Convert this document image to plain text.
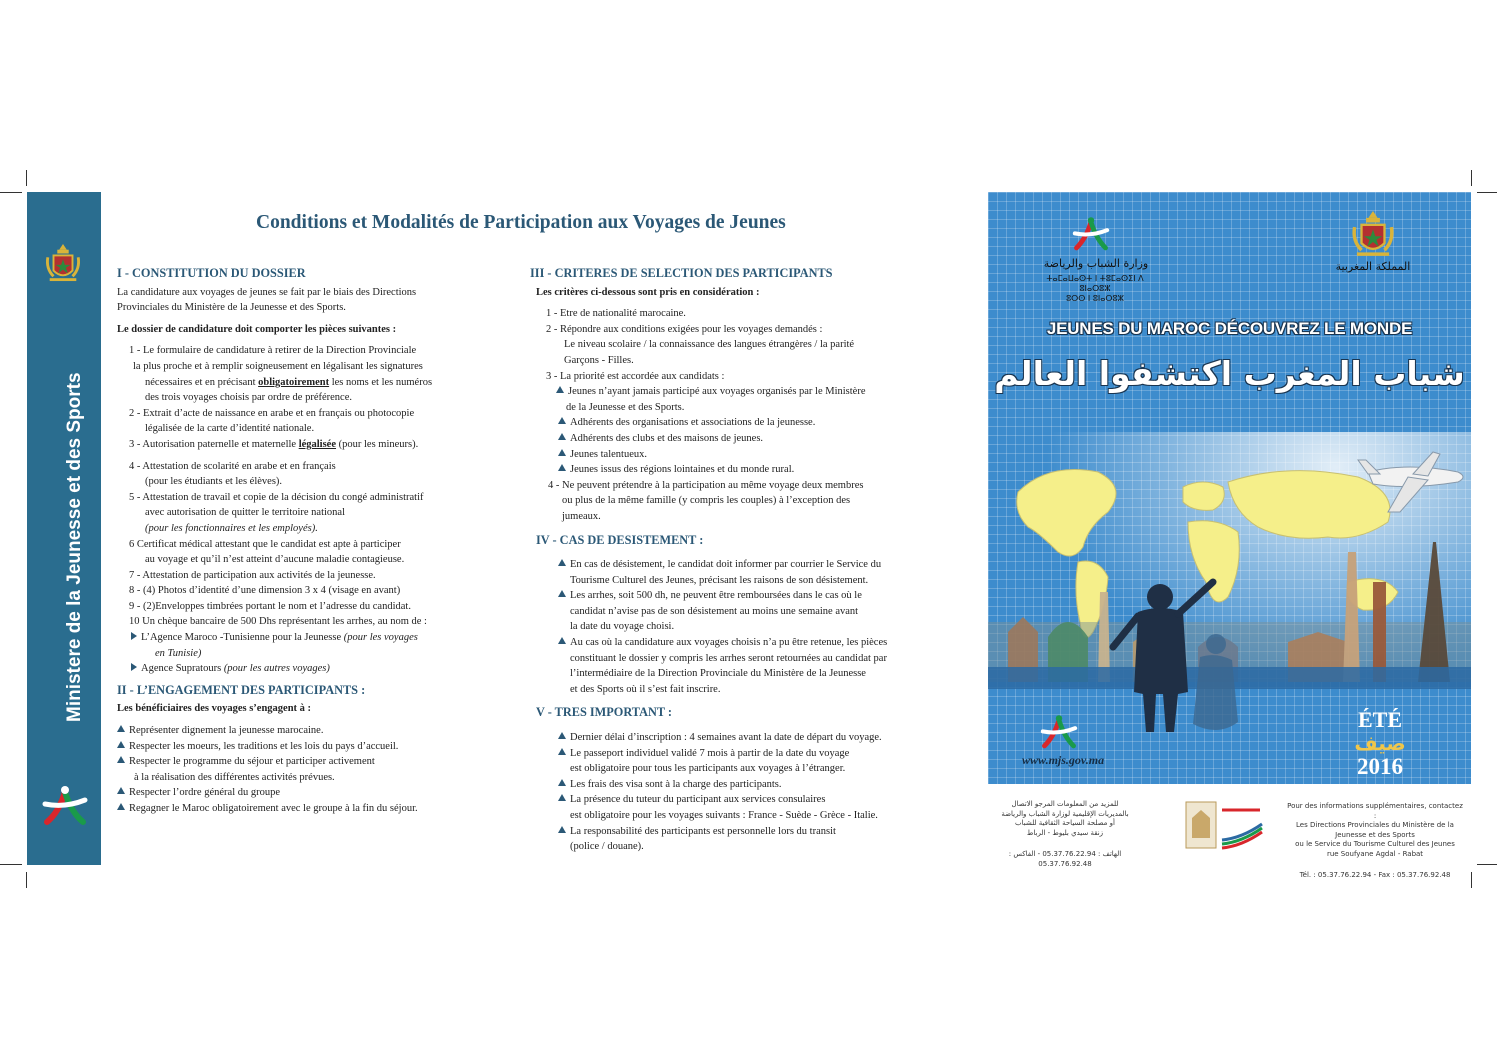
Ministere de la Jeunesse et des Sports
Conditions et Modalités de Participation aux Voyages de Jeunes
I - CONSTITUTION DU DOSSIER

La candidature aux voyages de jeunes se fait par le biais des Directions

Provinciales du Ministère de la Jeunesse et des Sports.

Le dossier de candidature doit comporter les pièces suivantes :

1 - Le formulaire de candidature à retirer de la Direction Provinciale

la plus proche et à remplir soigneusement en légalisant les signatures

nécessaires et en précisant obligatoirement les noms et les numéros

des trois voyages choisis par ordre de préférence.

2 - Extrait d’acte de naissance en arabe et en français ou photocopie

légalisée de la carte d’identité nationale.

3 - Autorisation paternelle et maternelle légalisée (pour les mineurs).

4 - Attestation de scolarité en arabe et en français

(pour les étudiants et les élèves).

5 - Attestation de travail et copie de la décision du congé administratif

avec autorisation de quitter le territoire national

(pour les fonctionnaires et les employés).

6 Certificat médical attestant que le candidat est apte à participer

au voyage et qu’il n’est atteint d’aucune maladie contagieuse.

7 - Attestation de participation aux activités de la jeunesse.

8 - (4) Photos d’identité d’une dimension 3 x 4 (visage en avant)

9 - (2)Enveloppes timbrées portant le nom et l’adresse du candidat.

10 Un chèque bancaire de 500 Dhs représentant les arrhes, au nom de :

L’Agence Maroco -Tunisienne pour la Jeunesse (pour les voyages

en Tunisie)

Agence Supratours (pour les autres voyages)

II - L’ENGAGEMENT DES PARTICIPANTS :

Les bénéficiaires des voyages s’engagent à :

Représenter dignement la jeunesse marocaine.

Respecter les moeurs, les traditions et les lois du pays d’accueil.

Respecter le programme du séjour et participer activement

à la réalisation des différentes activités prévues.

Respecter l’ordre général du groupe

Regagner le Maroc obligatoirement avec le groupe à la fin du séjour.

III - CRITERES DE SELECTION DES PARTICIPANTS

Les critères ci-dessous sont pris en considération :

1 - Etre de nationalité marocaine.

2 - Répondre aux conditions exigées pour les voyages demandés :

Le niveau scolaire / la connaissance des langues étrangères / la parité

Garçons - Filles.

3 - La priorité est accordée aux candidats :

Jeunes n’ayant jamais participé aux voyages organisés par le Ministère

de la Jeunesse et des Sports.

Adhérents des organisations et associations de la jeunesse.

Adhérents des clubs et des maisons de jeunes.

Jeunes talentueux.

Jeunes issus des régions lointaines et du monde rural.

4 - Ne peuvent prétendre à la participation au même voyage deux membres

ou plus de la même famille (y compris les couples) à l’exception des jumeaux.

IV - CAS DE DESISTEMENT :

En cas de désistement, le candidat doit informer par courrier le Service du

Tourisme Culturel des Jeunes, précisant les raisons de son désistement.

Les arrhes, soit 500 dh, ne peuvent être remboursées dans le cas où le

candidat n’avise pas de son désistement au moins une semaine avant

la date du voyage choisi.

Au cas où la candidature aux voyages choisis n’a pu être retenue, les pièces

constituant le dossier y compris les arrhes seront retournées au candidat par

l’intermédiaire de la Direction Provinciale du Ministère de la Jeunesse

et des Sports où il s’est fait inscrire.

V - TRES IMPORTANT :

Dernier délai d’inscription : 4 semaines avant la date de départ du voyage.

Le passeport individuel validé 7 mois à partir de la date du voyage

est obligatoire pour tous les participants aux voyages à l’étranger.

Les frais des visa sont à la charge des participants.

La présence du tuteur du participant aux services consulaires

est obligatoire pour les voyages suivants : France - Suède - Grèce - Italie.

La responsabilité des participants est personnelle lors du transit

(police / douane).

وزارة الشباب والرياضة
ⵜⴰⵎⴰⵡⴰⵙⵜ ⵏ ⵜⵓⵎⴰⵙⵉⵏ ⴷ ⵓⵏⴰⵔⵓⵣ
ⵓⵔⵙ ⵏ ⵓⵏⴰⵔⵓⵣ
المملكة المغربية
JEUNES DU MAROC DÉCOUVREZ LE MONDE
شباب المغرب اكتشفوا العالم
www.mjs.gov.ma
ÉTÉ
صيف
2016
للمزيد من المعلومات المرجو الاتصال
بالمديريات الإقليمية لوزارة الشباب والرياضة
أو مصلحة السياحة الثقافية للشباب
زنقة سيدي بليوط - الرباط
الهاتف : 05.37.76.22.94 - الفاكس : 05.37.76.92.48
Pour des informations supplémentaires, contactez :
Les Directions Provinciales du Ministère de la Jeunesse et des Sports
ou le Service du Tourisme Culturel des Jeunes
rue Soufyane Agdal - Rabat
Tél. : 05.37.76.22.94 - Fax : 05.37.76.92.48
